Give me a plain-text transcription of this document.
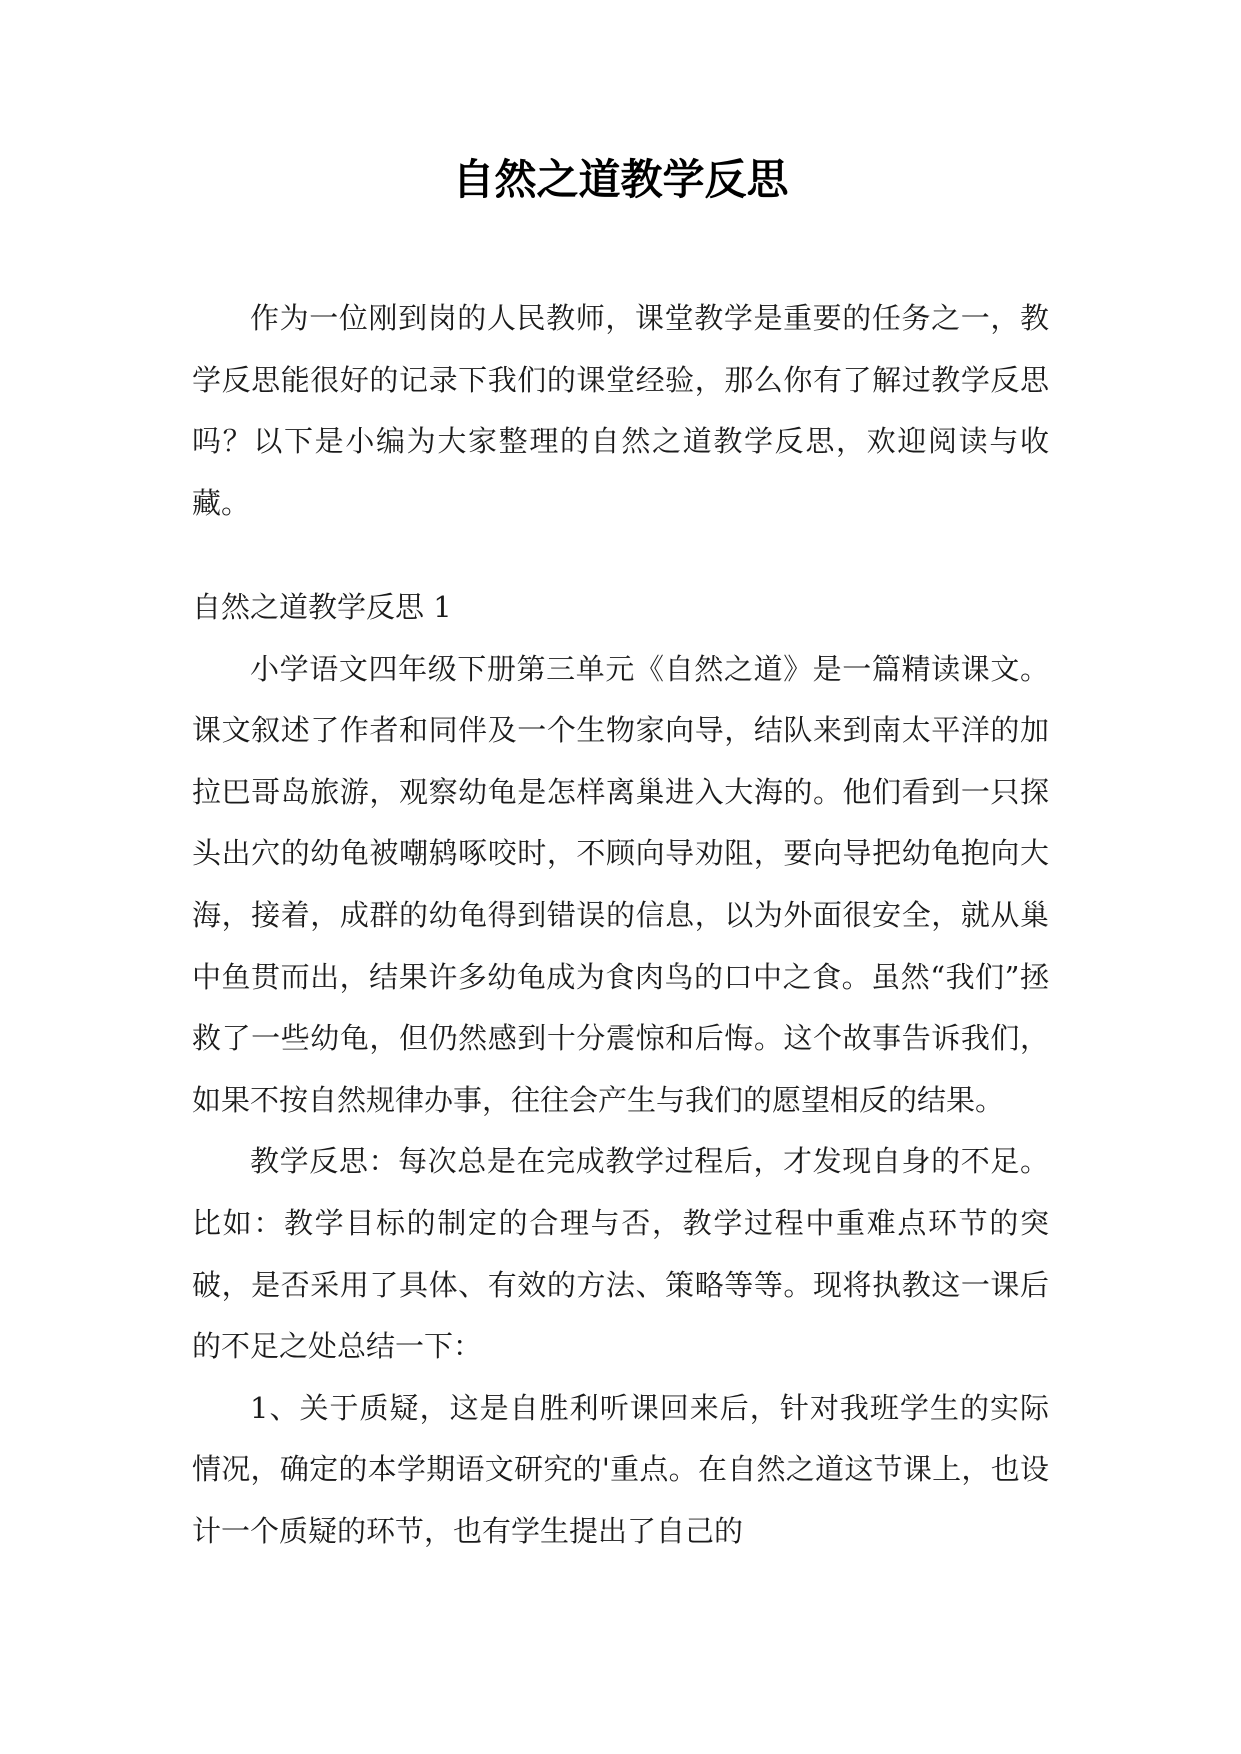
自然之道教学反思

作为一位刚到岗的人民教师，课堂教学是重要的任务之一，教学反思能很好的记录下我们的课堂经验，那么你有了解过教学反思吗？以下是小编为大家整理的自然之道教学反思，欢迎阅读与收藏。

自然之道教学反思 1

小学语文四年级下册第三单元《自然之道》是一篇精读课文。课文叙述了作者和同伴及一个生物家向导，结队来到南太平洋的加拉巴哥岛旅游，观察幼龟是怎样离巢进入大海的。他们看到一只探头出穴的幼龟被嘲鸫啄咬时，不顾向导劝阻，要向导把幼龟抱向大海，接着，成群的幼龟得到错误的信息，以为外面很安全，就从巢中鱼贯而出，结果许多幼龟成为食肉鸟的口中之食。虽然“我们”拯救了一些幼龟，但仍然感到十分震惊和后悔。这个故事告诉我们，如果不按自然规律办事，往往会产生与我们的愿望相反的结果。

教学反思：每次总是在完成教学过程后，才发现自身的不足。比如：教学目标的制定的合理与否，教学过程中重难点环节的突破，是否采用了具体、有效的方法、策略等等。现将执教这一课后的不足之处总结一下：

1、关于质疑，这是自胜利听课回来后，针对我班学生的实际情况，确定的本学期语文研究的'重点。在自然之道这节课上，也设计一个质疑的环节，也有学生提出了自己的
